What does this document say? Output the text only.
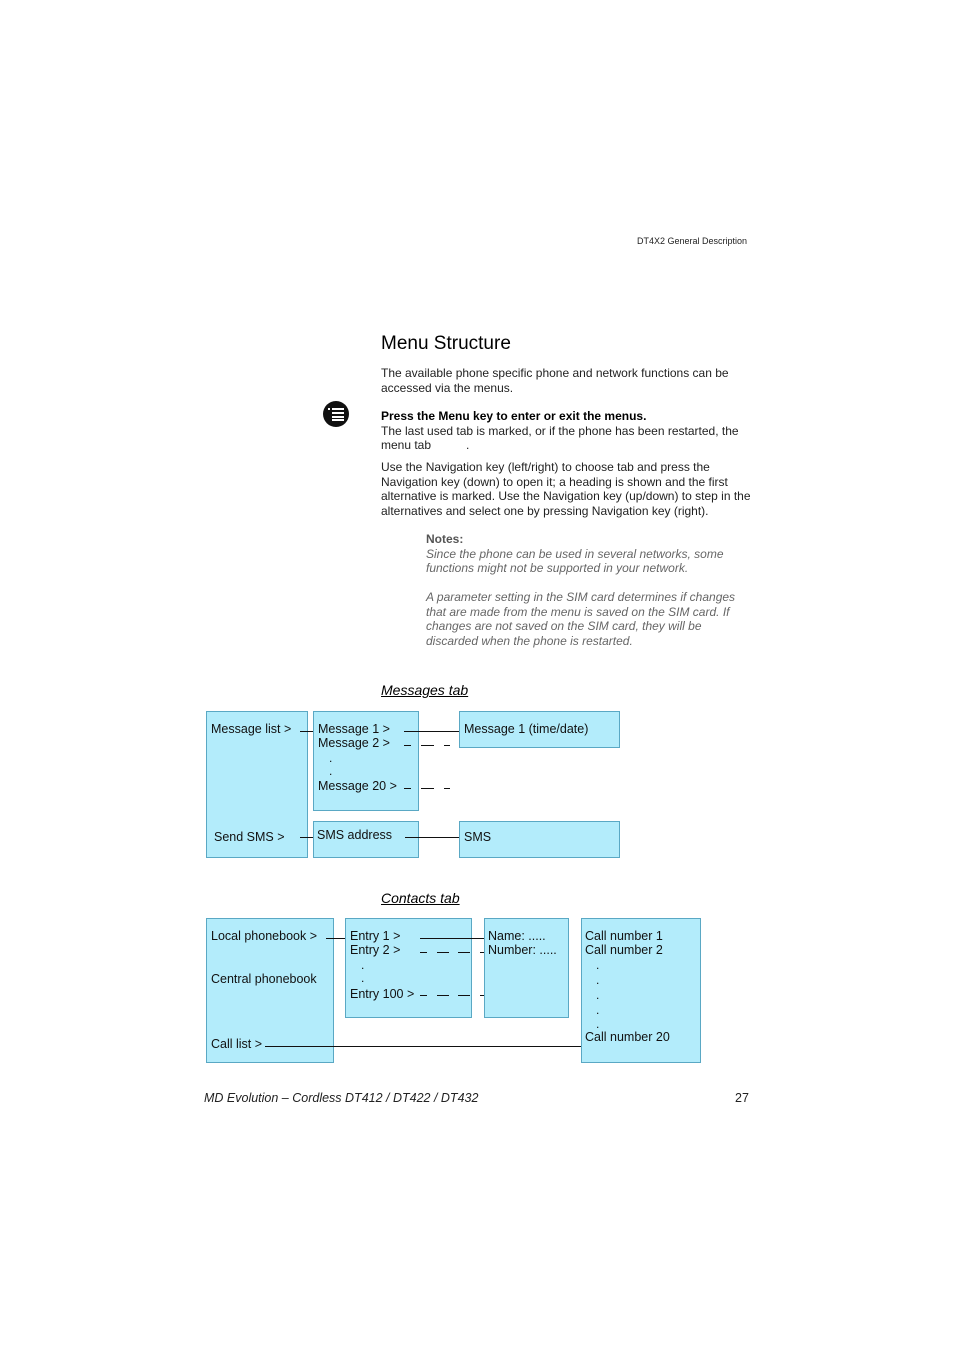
DT4X2 General Description
Menu Structure
The available phone specific phone and network functions can be accessed via the menus.
Press the Menu key to enter or exit the menus.
The last used tab is marked, or if the phone has been restarted, the
menu tab	.
Use the Navigation key (left/right) to choose tab and press the Navigation key (down) to open it; a heading is shown and the first alternative is marked. Use the Navigation key (up/down) to step in the alternatives and select one by pressing Navigation key (right).
Notes:
Since the phone can be used in several networks, some functions might not be supported in your network.
A parameter setting in the SIM card determines if changes that are made from the menu is saved on the SIM card. If changes are not saved on the SIM card, they will be discarded when the phone is restarted.
Messages tab
Message list >
Send SMS >
Message 1 >
Message 2 >
.
.
Message 20 >
SMS address
Message 1 (time/date)
SMS
Contacts tab
Local phonebook >
Central phonebook
Call list >
Entry 1 >
Entry 2 >
.
.
Entry 100 >
Name: .....
Number: .....
Call number 1
Call number 2
.
.
.
.
.
Call number 20
MD Evolution – Cordless DT412 / DT422 / DT432	27
